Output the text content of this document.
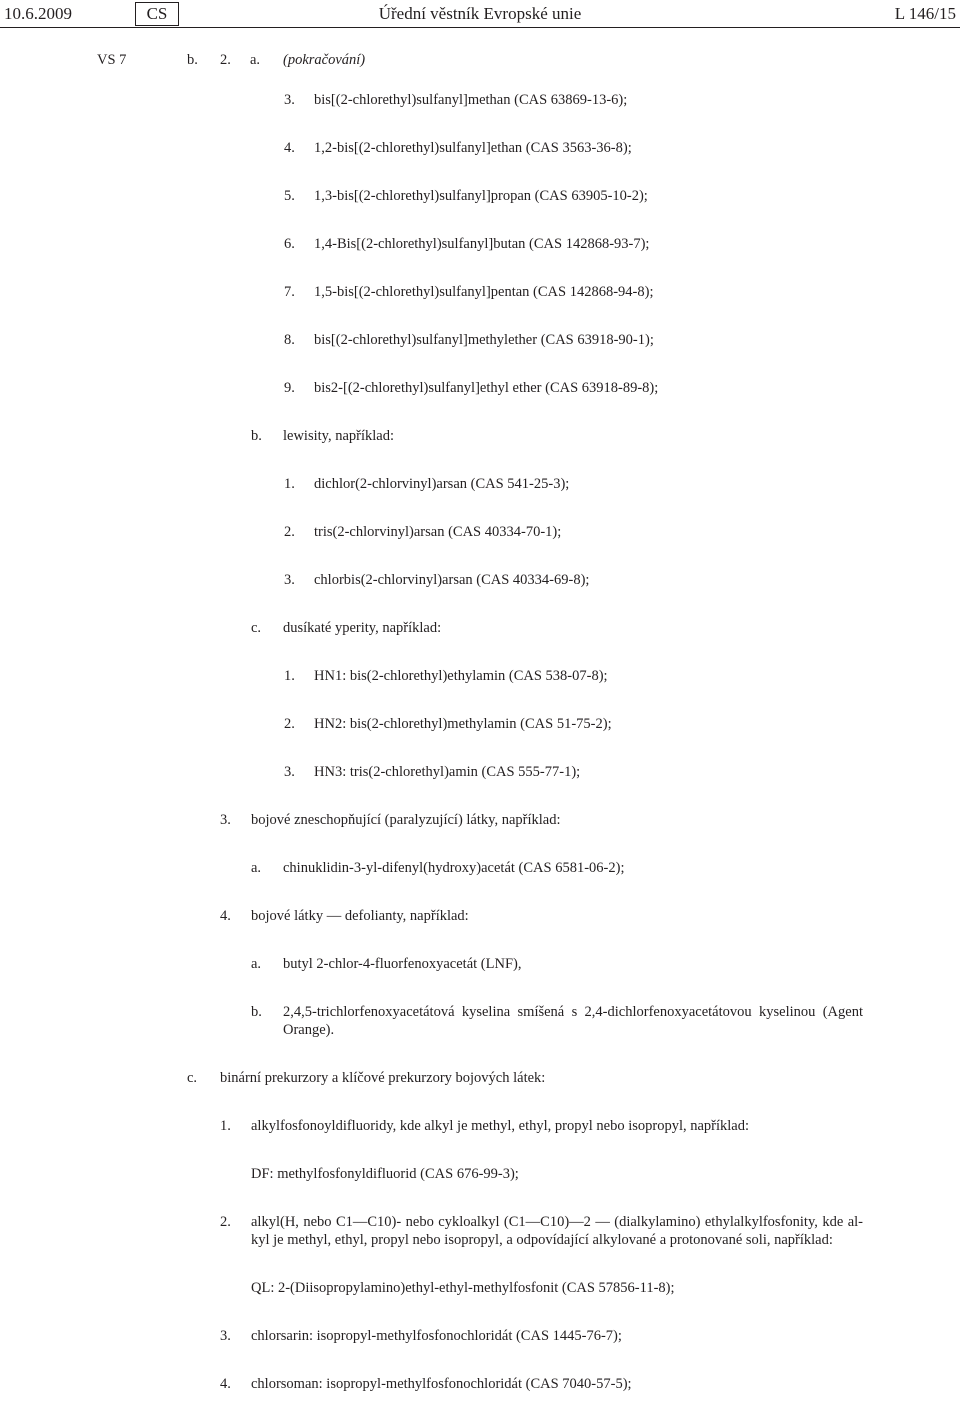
10.6.2009	CS	Úřední věstník Evropské unie	L 146/15
VS 7	b. 2. a. (pokračování)
3. bis[(2-chlorethyl)sulfanyl]methan (CAS 63869-13-6);
4. 1,2-bis[(2-chlorethyl)sulfanyl]ethan (CAS 3563-36-8);
5. 1,3-bis[(2-chlorethyl)sulfanyl]propan (CAS 63905-10-2);
6. 1,4-Bis[(2-chlorethyl)sulfanyl]butan (CAS 142868-93-7);
7. 1,5-bis[(2-chlorethyl)sulfanyl]pentan (CAS 142868-94-8);
8. bis[(2-chlorethyl)sulfanyl]methylether (CAS 63918-90-1);
9. bis2-[(2-chlorethyl)sulfanyl]ethyl ether (CAS 63918-89-8);
b. lewisity, například:
1. dichlor(2-chlorvinyl)arsan (CAS 541-25-3);
2. tris(2-chlorvinyl)arsan (CAS 40334-70-1);
3. chlorbis(2-chlorvinyl)arsan (CAS 40334-69-8);
c. dusíkaté yperity, například:
1. HN1: bis(2-chlorethyl)ethylamin (CAS 538-07-8);
2. HN2: bis(2-chlorethyl)methylamin (CAS 51-75-2);
3. HN3: tris(2-chlorethyl)amin (CAS 555-77-1);
3. bojové zneschopňující (paralyzující) látky, například:
a. chinuklidin-3-yl-difenyl(hydroxy)acetát (CAS 6581-06-2);
4. bojové látky — defolianty, například:
a. butyl 2-chlor-4-fluorfenoxyacetát (LNF),
b. 2,4,5-trichlorfenoxyacetátová kyselina smíšená s 2,4-dichlorfenoxyacetátovou kyselinou (Agent Orange).
c. binární prekurzory a klíčové prekurzory bojových látek:
1. alkylfosfonoyldifluoridy, kde alkyl je methyl, ethyl, propyl nebo isopropyl, například:
DF: methylfosfonyldifluorid (CAS 676-99-3);
2. alkyl(H, nebo C1—C10)- nebo cykloalkyl (C1—C10)—2 — (dialkylamino) ethylalkylfosfonity, kde al- kyl je methyl, ethyl, propyl nebo isopropyl, a odpovídající alkylované a protonované soli, například:
QL: 2-(Diisopropylamino)ethyl-ethyl-methylfosfonit (CAS 57856-11-8);
3. chlorsarin: isopropyl-methylfosfonochloridát (CAS 1445-76-7);
4. chlorsoman: isopropyl-methylfosfonochloridát (CAS 7040-57-5);
